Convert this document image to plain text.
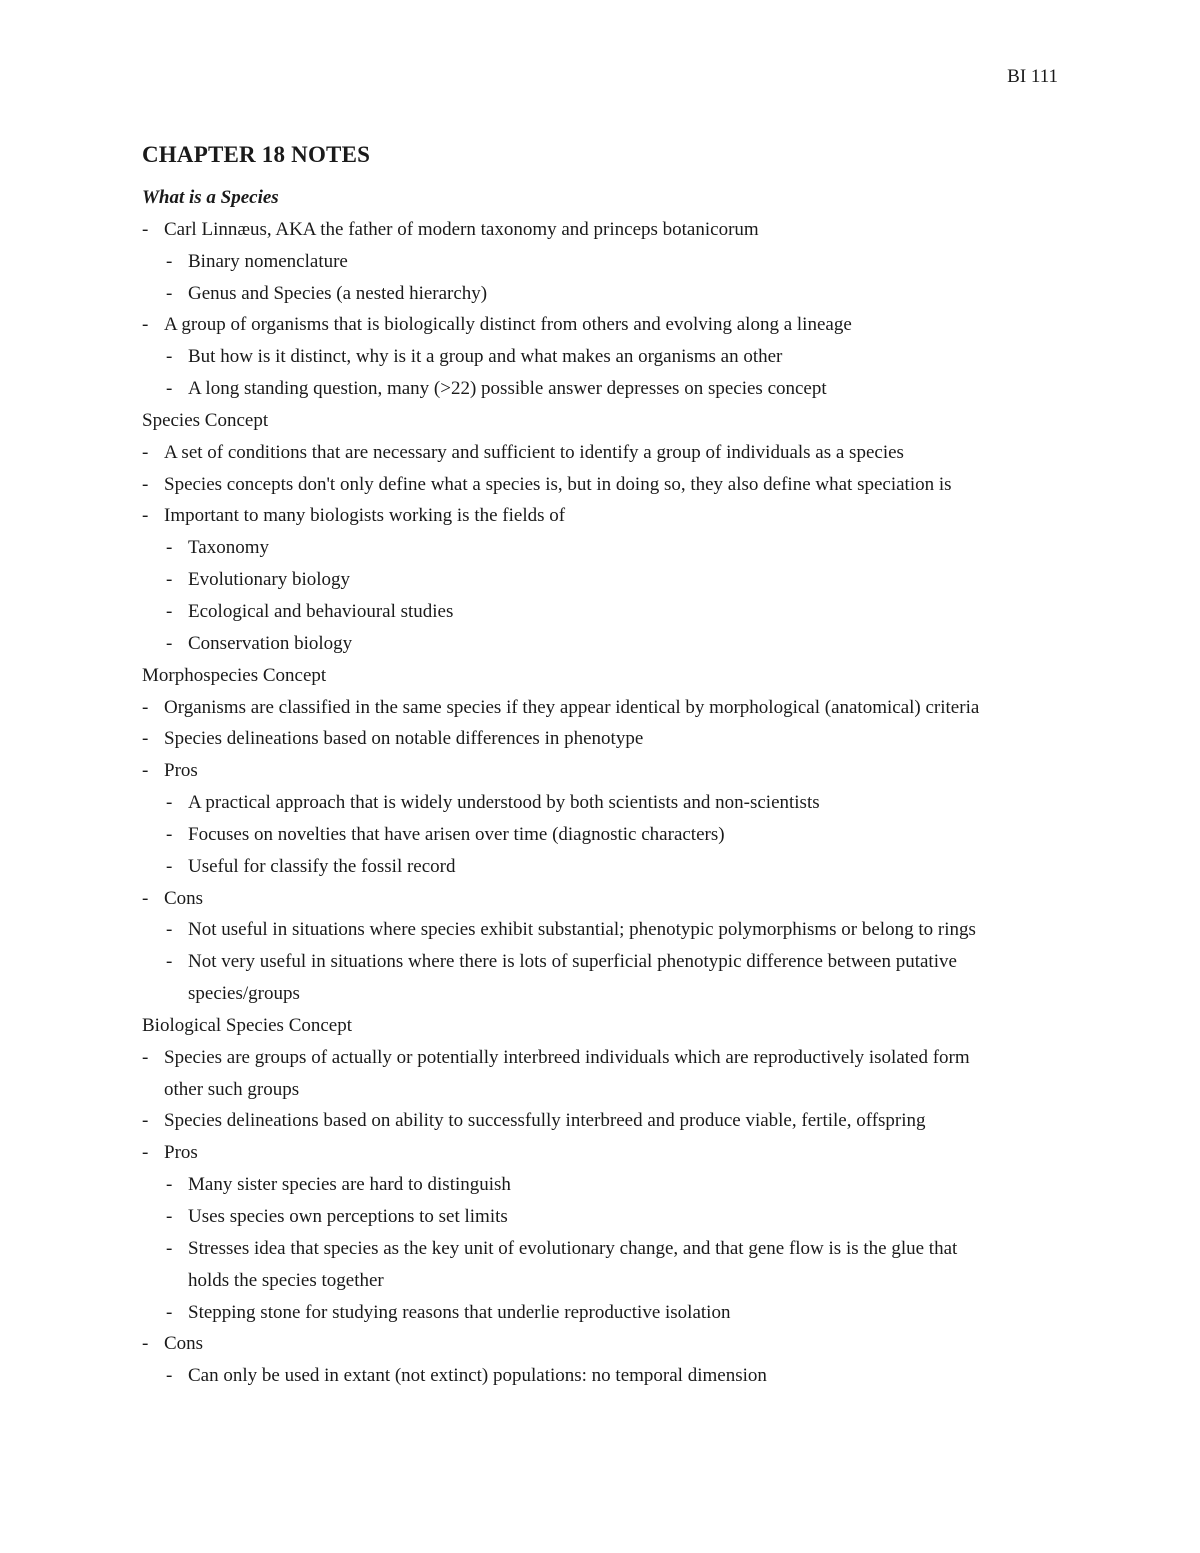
BI 111
CHAPTER 18 NOTES
What is a Species
- Carl Linnæus, AKA the father of modern taxonomy and princeps botanicorum
- Binary nomenclature
- Genus and Species (a nested hierarchy)
- A group of organisms that is biologically distinct from others and evolving along a lineage
- But how is it distinct, why is it a group and what makes an organisms an other
- A long standing question, many (>22) possible answer depresses on species concept
Species Concept
- A set of conditions that are necessary and sufficient to identify a group of individuals as a species
- Species concepts don't only define what a species is, but in doing so, they also define what speciation is
- Important to many biologists working is the fields of
- Taxonomy
- Evolutionary biology
- Ecological and behavioural studies
- Conservation biology
Morphospecies Concept
- Organisms are classified in the same species if they appear identical by morphological (anatomical) criteria
- Species delineations based on notable differences in phenotype
- Pros
- A practical approach that is widely understood by both scientists and non-scientists
- Focuses on novelties that have arisen over time (diagnostic characters)
- Useful for classify the fossil record
- Cons
- Not useful in situations where species exhibit substantial; phenotypic polymorphisms or belong to rings
- Not very useful in situations where there is lots of superficial phenotypic difference between putative
species/groups
Biological Species Concept
- Species are groups of actually or potentially interbreed individuals which are reproductively isolated form
other such groups
- Species delineations based on ability to successfully interbreed and produce viable, fertile, offspring
- Pros
- Many sister species are hard to distinguish
- Uses species own perceptions to set limits
- Stresses idea that species as the key unit of evolutionary change, and that gene flow is is the glue that
holds the species together
- Stepping stone for studying reasons that underlie reproductive isolation
- Cons
- Can only be used in extant (not extinct) populations: no temporal dimension
